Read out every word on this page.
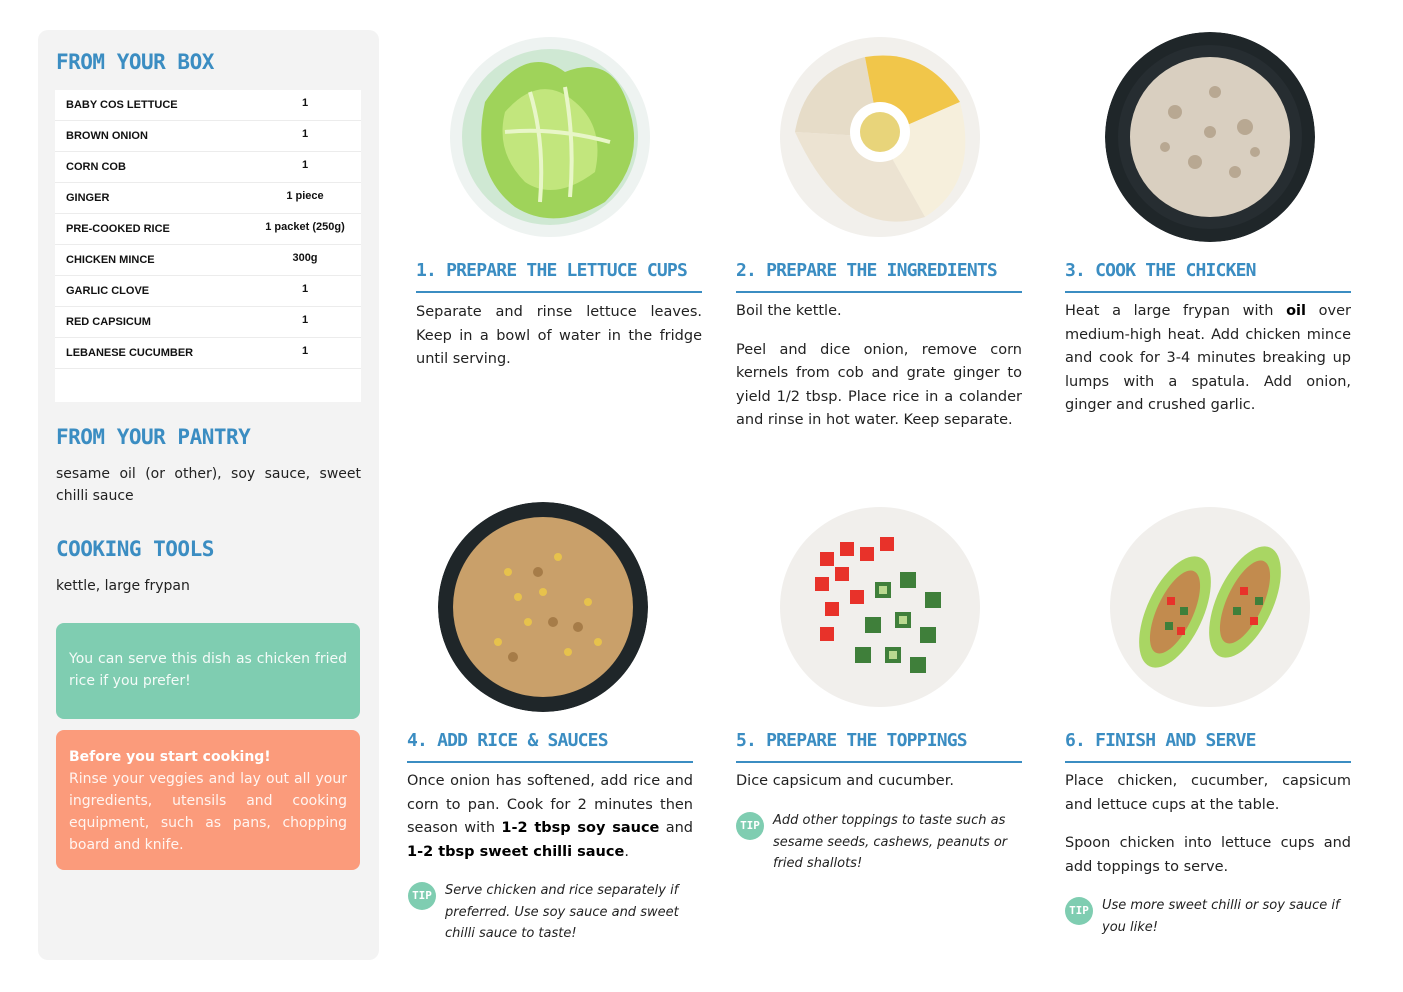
FROM YOUR BOX
BABY COS LETTUCE	1
BROWN ONION	1
CORN COB	1
GINGER	1 piece
PRE-COOKED RICE	1 packet (250g)
CHICKEN MINCE	300g
GARLIC CLOVE	1
RED CAPSICUM	1
LEBANESE CUCUMBER	1
FROM YOUR PANTRY

sesame oil (or other), soy sauce, sweet chilli sauce

COOKING TOOLS

kettle, large frypan

You can serve this dish as chicken fried rice if you prefer!
Before you start cooking!
Rinse your veggies and lay out all your ingredients, utensils and cooking equipment, such as pans, chopping board and knife.
1. PREPARE THE LETTUCE CUPS

Separate and rinse lettuce leaves. Keep in a bowl of water in the fridge until serving.

2. PREPARE THE INGREDIENTS

Boil the kettle.

Peel and dice onion, remove corn kernels from cob and grate ginger to yield 1/2 tbsp. Place rice in a colander and rinse in hot water. Keep separate.

3. COOK THE CHICKEN

Heat a large frypan with oil over medium-high heat. Add chicken mince and cook for 3-4 minutes breaking up lumps with a spatula. Add onion, ginger and crushed garlic.

4. ADD RICE & SAUCES

Once onion has softened, add rice and corn to pan. Cook for 2 minutes then season with 1-2 tbsp soy sauce and 1-2 tbsp sweet chilli sauce.

TIP	Serve chicken and rice separately if preferred. Use soy sauce and sweet chilli sauce to taste!

5. PREPARE THE TOPPINGS

Dice capsicum and cucumber.

TIP	Add other toppings to taste such as sesame seeds, cashews, peanuts or fried shallots!

6. FINISH AND SERVE

Place chicken, cucumber, capsicum and lettuce cups at the table.

Spoon chicken into lettuce cups and add toppings to serve.

TIP	Use more sweet chilli or soy sauce if you like!
